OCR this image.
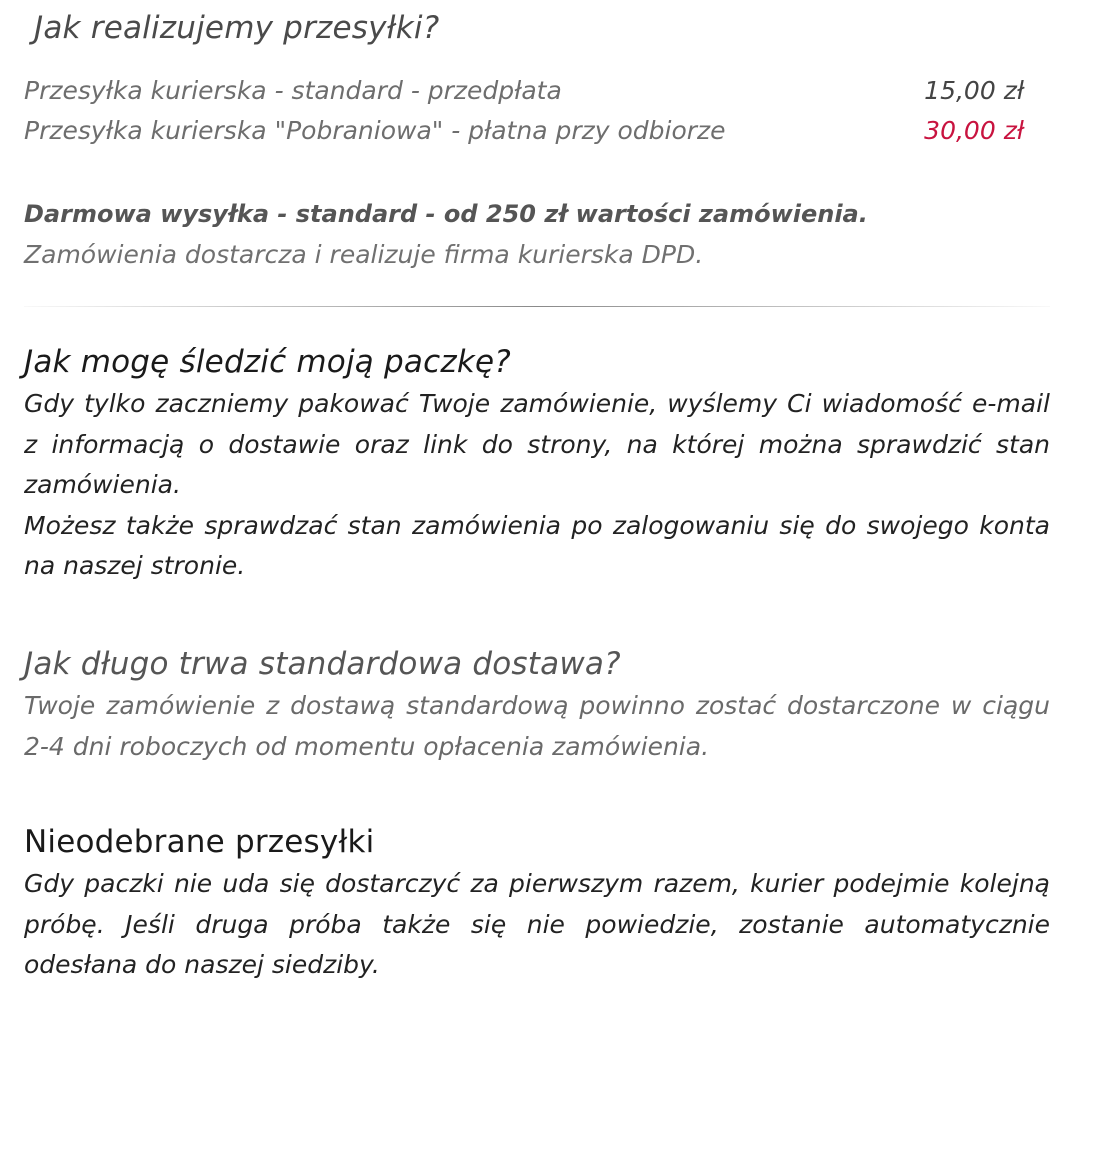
Jak realizujemy przesyłki?
Przesyłka kurierska - standard - przedpłata	15,00 zł
Przesyłka kurierska "Pobraniowa" - płatna przy odbiorze	30,00 zł
Darmowa wysyłka - standard - od 250 zł wartości zamówienia.
Zamówienia dostarcza i realizuje firma kurierska DPD.
Jak mogę śledzić moją paczkę?

Gdy tylko zaczniemy pakować Twoje zamówienie, wyślemy Ci wiadomość e-mail z informacją o dostawie oraz link do strony, na której można sprawdzić stan zamówienia.

Możesz także sprawdzać stan zamówienia po zalogowaniu się do swojego konta na naszej stronie.

Jak długo trwa standardowa dostawa?

Twoje zamówienie z dostawą standardową powinno zostać dostarczone w ciągu 2-4 dni roboczych od momentu opłacenia zamówienia.

Nieodebrane przesyłki

Gdy paczki nie uda się dostarczyć za pierwszym razem, kurier podejmie kolejną próbę. Jeśli druga próba także się nie powiedzie, zostanie automatycznie odesłana do naszej siedziby.
